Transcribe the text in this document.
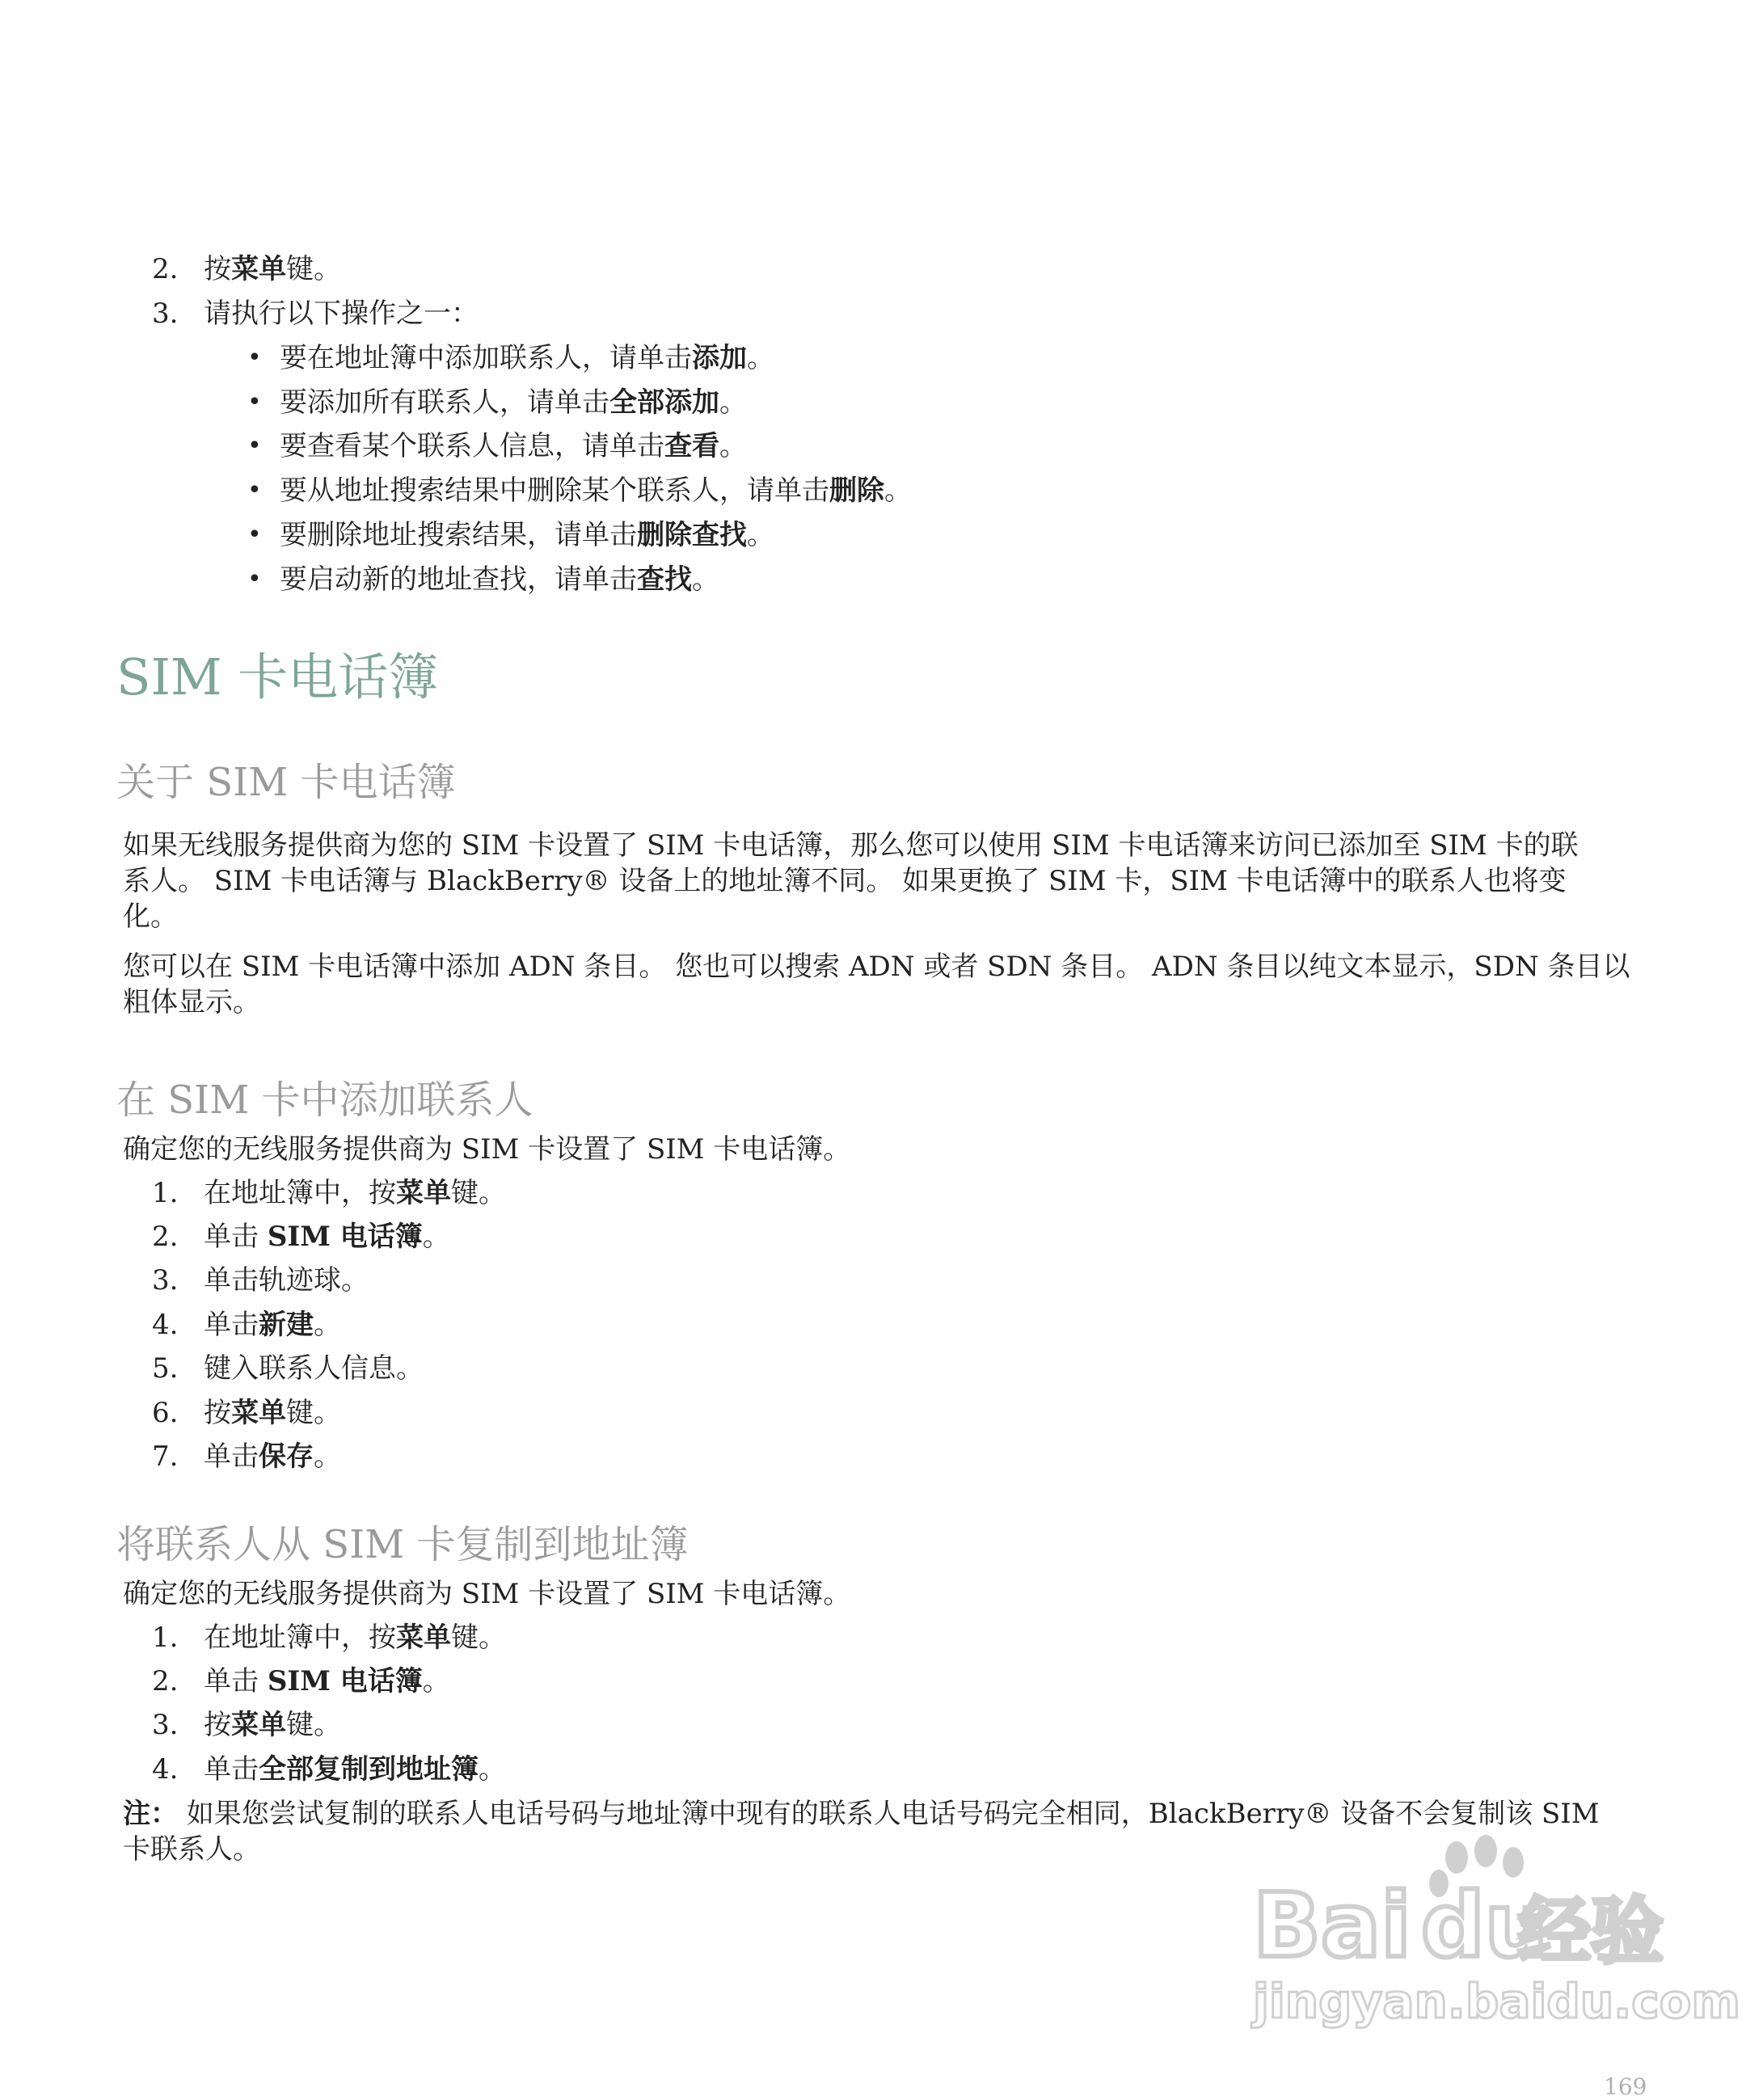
2. 按菜单键。
3. 请执行以下操作之一：
• 要在地址簿中添加联系人，请单击添加。
• 要添加所有联系人，请单击全部添加。
• 要查看某个联系人信息，请单击查看。
• 要从地址搜索结果中删除某个联系人，请单击删除。
• 要删除地址搜索结果，请单击删除查找。
• 要启动新的地址查找，请单击查找。
SIM 卡电话簿
关于 SIM 卡电话簿
如果无线服务提供商为您的 SIM 卡设置了 SIM 卡电话簿，那么您可以使用 SIM 卡电话簿来访问已添加至 SIM 卡的联
系人。 SIM 卡电话簿与 BlackBerry® 设备上的地址簿不同。 如果更换了 SIM 卡，SIM 卡电话簿中的联系人也将变
化。
您可以在 SIM 卡电话簿中添加 ADN 条目。 您也可以搜索 ADN 或者 SDN 条目。 ADN 条目以纯文本显示，SDN 条目以
粗体显示。
在 SIM 卡中添加联系人
确定您的无线服务提供商为 SIM 卡设置了 SIM 卡电话簿。
1. 在地址簿中，按菜单键。
2. 单击 SIM 电话簿。
3. 单击轨迹球。
4. 单击新建。
5. 键入联系人信息。
6. 按菜单键。
7. 单击保存。
将联系人从 SIM 卡复制到地址簿
确定您的无线服务提供商为 SIM 卡设置了 SIM 卡电话簿。
1. 在地址簿中，按菜单键。
2. 单击 SIM 电话簿。
3. 按菜单键。
4. 单击全部复制到地址簿。
注： 如果您尝试复制的联系人电话号码与地址簿中现有的联系人电话号码完全相同，BlackBerry® 设备不会复制该 SIM
卡联系人。
Bai du
经验
jingyan.baidu.com
169
